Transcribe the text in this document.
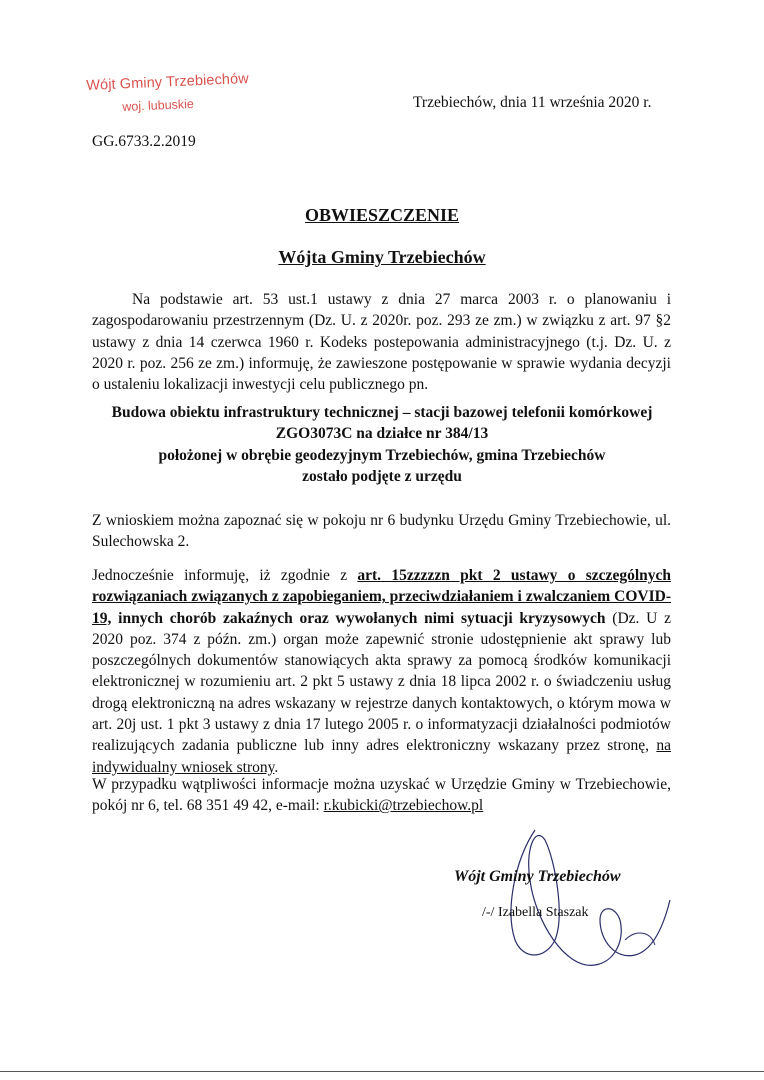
Wójt Gminy Trzebiechów
woj. lubuskie	Trzebiechów, dnia 11 września 2020 r.
GG.6733.2.2019
OBWIESZCZENIE
Wójta Gminy Trzebiechów
Na podstawie art. 53 ust.1 ustawy z dnia 27 marca 2003 r. o planowaniu i zagospodarowaniu przestrzennym (Dz. U. z 2020r. poz. 293 ze zm.) w związku z art. 97 §2 ustawy z dnia 14 czerwca 1960 r. Kodeks postepowania administracyjnego (t.j. Dz. U. z 2020 r. poz. 256 ze zm.) informuję, że zawieszone postępowanie w sprawie wydania decyzji o ustaleniu lokalizacji inwestycji celu publicznego pn.
Budowa obiektu infrastruktury technicznej – stacji bazowej telefonii komórkowej
ZGO3073C na działce nr 384/13
położonej w obrębie geodezyjnym Trzebiechów, gmina Trzebiechów
zostało podjęte z urzędu
Z wnioskiem można zapoznać się w pokoju nr 6 budynku Urzędu Gminy Trzebiechowie, ul. Sulechowska 2.
Jednocześnie informuję, iż zgodnie z art. 15zzzzzn pkt 2 ustawy o szczególnych rozwiązaniach związanych z zapobieganiem, przeciwdziałaniem i zwalczaniem COVID-19, innych chorób zakaźnych oraz wywołanych nimi sytuacji kryzysowych (Dz. U z 2020 poz. 374 z późn. zm.) organ może zapewnić stronie udostępnienie akt sprawy lub poszczególnych dokumentów stanowiących akta sprawy za pomocą środków komunikacji elektronicznej w rozumieniu art. 2 pkt 5 ustawy z dnia 18 lipca 2002 r. o świadczeniu usług drogą elektroniczną na adres wskazany w rejestrze danych kontaktowych, o którym mowa w art. 20j ust. 1 pkt 3 ustawy z dnia 17 lutego 2005 r. o informatyzacji działalności podmiotów realizujących zadania publiczne lub inny adres elektroniczny wskazany przez stronę, na indywidualny wniosek strony.
W przypadku wątpliwości informacje można uzyskać w Urzędzie Gminy w Trzebiechowie, pokój nr 6, tel. 68 351 49 42, e-mail: r.kubicki@trzebiechow.pl
Wójt Gminy Trzebiechów
/-/ Izabella Staszak
